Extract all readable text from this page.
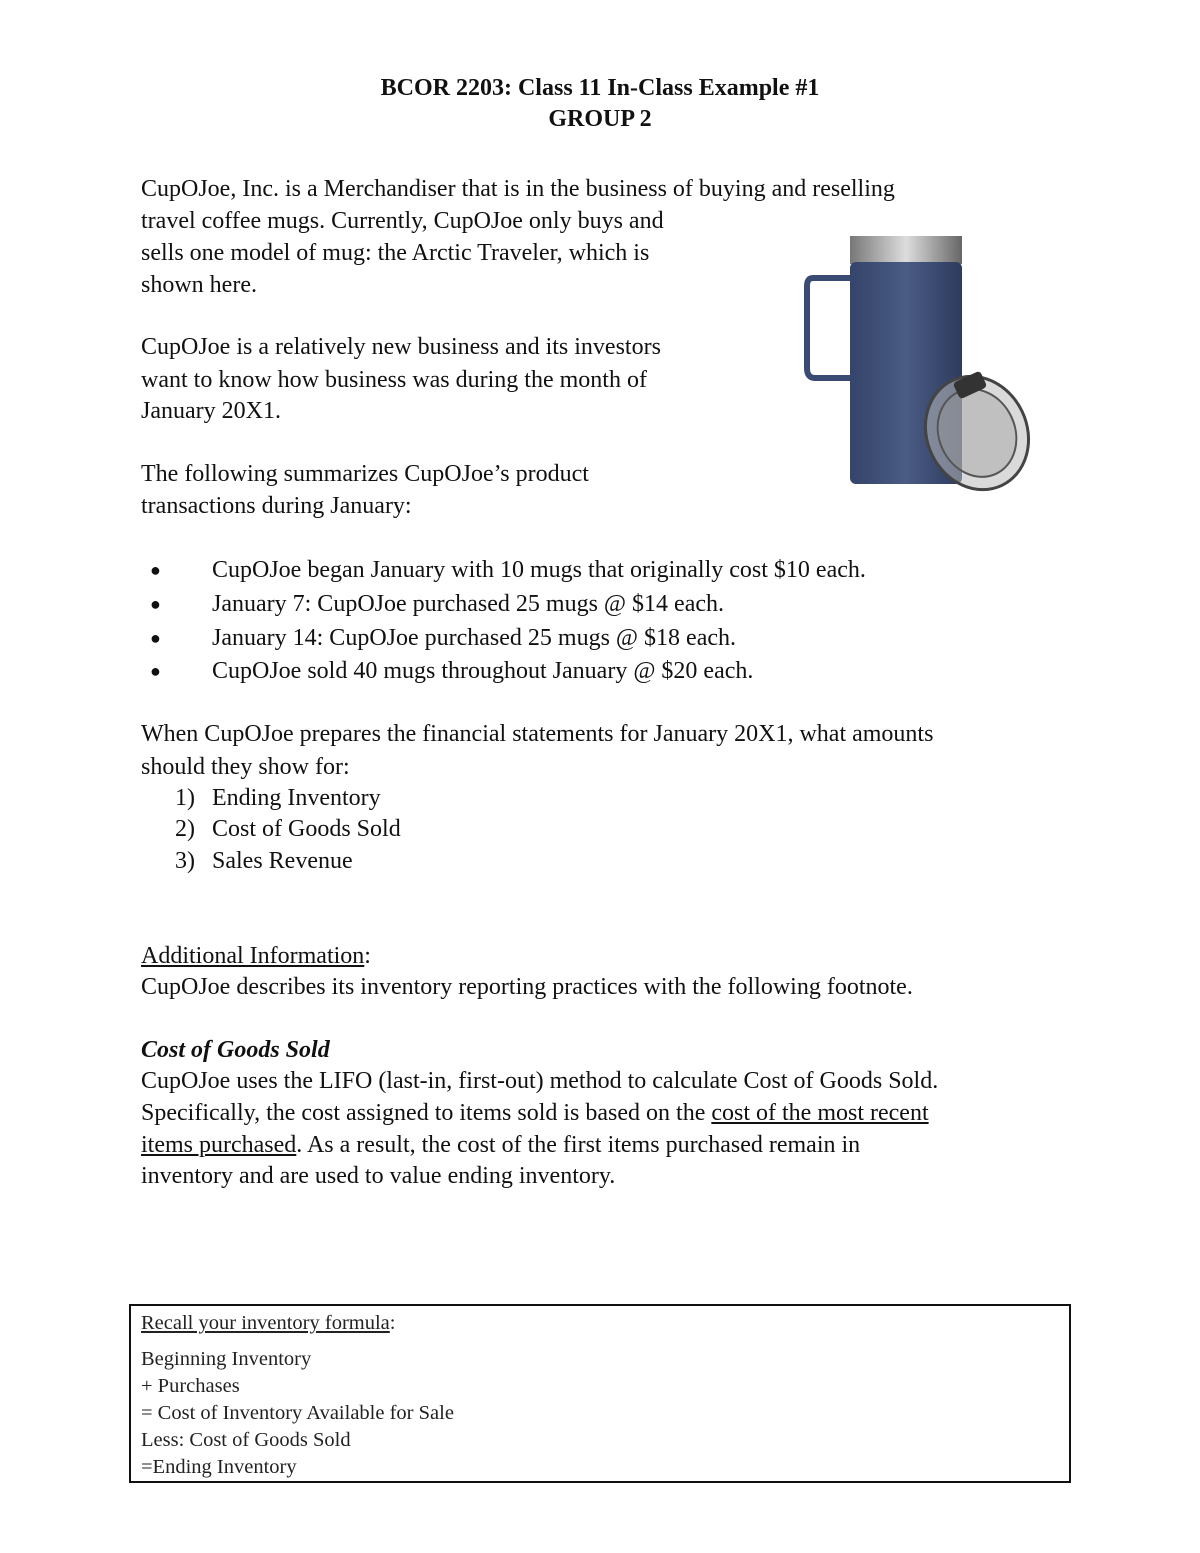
BCOR 2203: Class 11 In-Class Example #1
GROUP 2
CupOJoe, Inc. is a Merchandiser that is in the business of buying and reselling
travel coffee mugs. Currently, CupOJoe only buys and
sells one model of mug: the Arctic Traveler, which is
shown here.
CupOJoe is a relatively new business and its investors
want to know how business was during the month of
January 20X1.
The following summarizes CupOJoe’s product
transactions during January:
● CupOJoe began January with 10 mugs that originally cost $10 each.
● January 7: CupOJoe purchased 25 mugs @ $14 each.
● January 14: CupOJoe purchased 25 mugs @ $18 each.
● CupOJoe sold 40 mugs throughout January @ $20 each.
When CupOJoe prepares the financial statements for January 20X1, what amounts
should they show for:
1) Ending Inventory
2) Cost of Goods Sold
3) Sales Revenue
Additional Information:
CupOJoe describes its inventory reporting practices with the following footnote.
Cost of Goods Sold
CupOJoe uses the LIFO (last-in, first-out) method to calculate Cost of Goods Sold.
Specifically, the cost assigned to items sold is based on the cost of the most recent
items purchased. As a result, the cost of the first items purchased remain in
inventory and are used to value ending inventory.
Recall your inventory formula:
Beginning Inventory
+ Purchases
= Cost of Inventory Available for Sale
Less: Cost of Goods Sold
=Ending Inventory
